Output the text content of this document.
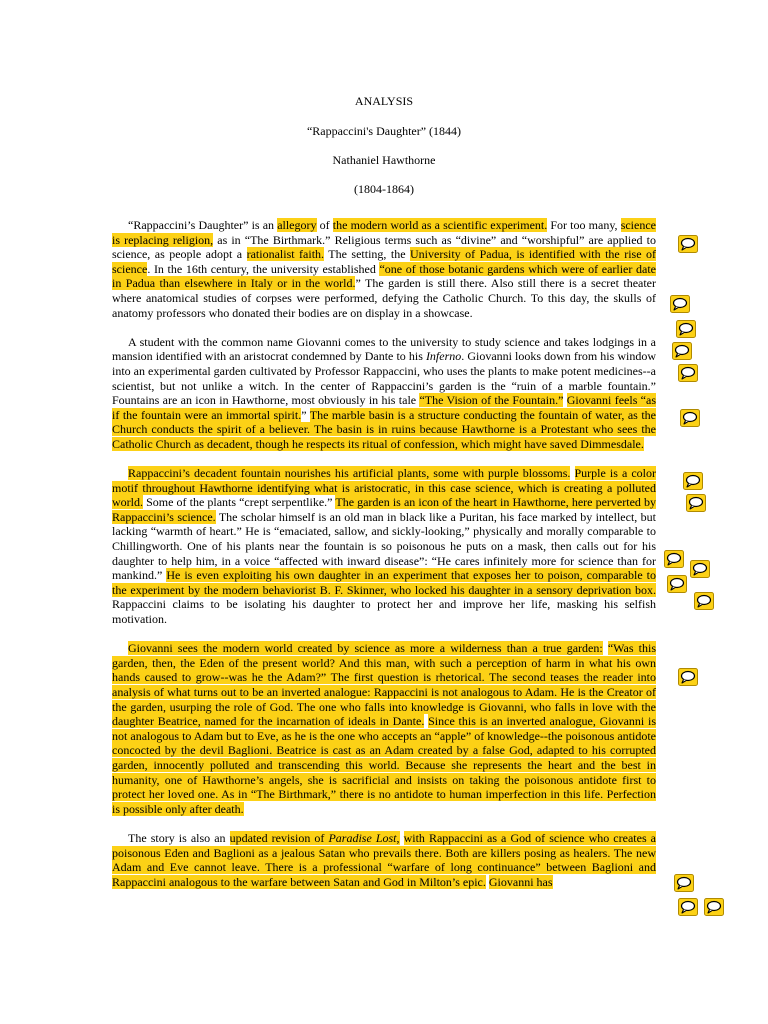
ANALYSIS
“Rappaccini's Daughter” (1844)
Nathaniel Hawthorne
(1804-1864)

“Rappaccini’s Daughter” is an allegory of the modern world as a scientific experiment. For too many, science is replacing religion, as in “The Birthmark.” Religious terms such as “divine” and “worshipful” are applied to science, as people adopt a rationalist faith. The setting, the University of Padua, is identified with the rise of science. In the 16th century, the university established “one of those botanic gardens which were of earlier date in Padua than elsewhere in Italy or in the world.” The garden is still there. Also still there is a secret theater where anatomical studies of corpses were performed, defying the Catholic Church. To this day, the skulls of anatomy professors who donated their bodies are on display in a showcase.

A student with the common name Giovanni comes to the university to study science and takes lodgings in a mansion identified with an aristocrat condemned by Dante to his Inferno. Giovanni looks down from his window into an experimental garden cultivated by Professor Rappaccini, who uses the plants to make potent medicines--a scientist, but not unlike a witch. In the center of Rappaccini’s garden is the “ruin of a marble fountain.” Fountains are an icon in Hawthorne, most obviously in his tale “The Vision of the Fountain.” Giovanni feels “as if the fountain were an immortal spirit.” The marble basin is a structure conducting the fountain of water, as the Church conducts the spirit of a believer. The basin is in ruins because Hawthorne is a Protestant who sees the Catholic Church as decadent, though he respects its ritual of confession, which might have saved Dimmesdale.

Rappaccini’s decadent fountain nourishes his artificial plants, some with purple blossoms. Purple is a color motif throughout Hawthorne identifying what is aristocratic, in this case science, which is creating a polluted world. Some of the plants “crept serpentlike.” The garden is an icon of the heart in Hawthorne, here perverted by Rappaccini’s science. The scholar himself is an old man in black like a Puritan, his face marked by intellect, but lacking “warmth of heart.” He is “emaciated, sallow, and sickly-looking,” physically and morally comparable to Chillingworth. One of his plants near the fountain is so poisonous he puts on a mask, then calls out for his daughter to help him, in a voice “affected with inward disease”: “He cares infinitely more for science than for mankind.” He is even exploiting his own daughter in an experiment that exposes her to poison, comparable to the experiment by the modern behaviorist B. F. Skinner, who locked his daughter in a sensory deprivation box. Rappaccini claims to be isolating his daughter to protect her and improve her life, masking his selfish motivation.

Giovanni sees the modern world created by science as more a wilderness than a true garden: “Was this garden, then, the Eden of the present world? And this man, with such a perception of harm in what his own hands caused to grow--was he the Adam?” The first question is rhetorical. The second teases the reader into analysis of what turns out to be an inverted analogue: Rappaccini is not analogous to Adam. He is the Creator of the garden, usurping the role of God. The one who falls into knowledge is Giovanni, who falls in love with the daughter Beatrice, named for the incarnation of ideals in Dante. Since this is an inverted analogue, Giovanni is not analogous to Adam but to Eve, as he is the one who accepts an “apple” of knowledge--the poisonous antidote concocted by the devil Baglioni. Beatrice is cast as an Adam created by a false God, adapted to his corrupted garden, innocently polluted and transcending this world. Because she represents the heart and the best in humanity, one of Hawthorne’s angels, she is sacrificial and insists on taking the poisonous antidote first to protect her loved one. As in “The Birthmark,” there is no antidote to human imperfection in this life. Perfection is possible only after death.

The story is also an updated revision of Paradise Lost, with Rappaccini as a God of science who creates a poisonous Eden and Baglioni as a jealous Satan who prevails there. Both are killers posing as healers. The new Adam and Eve cannot leave. There is a professional “warfare of long continuance” between Baglioni and Rappaccini analogous to the warfare between Satan and God in Milton’s epic. Giovanni has
